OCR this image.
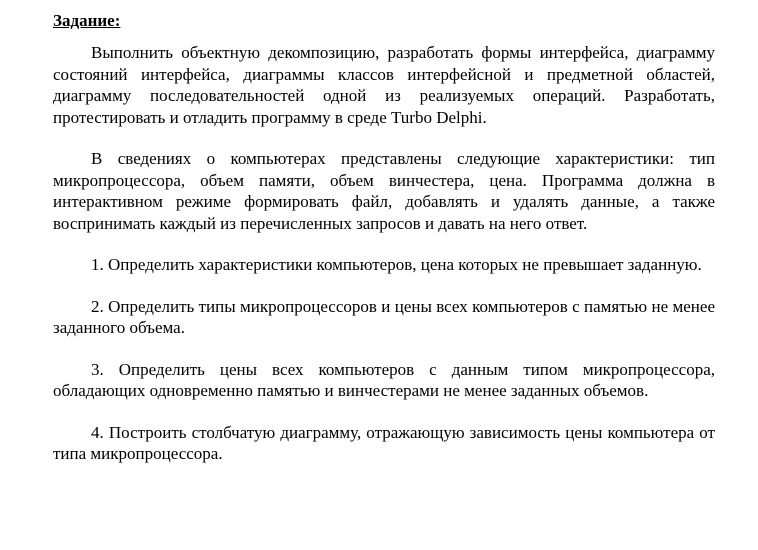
Задание:

Выполнить объектную декомпозицию, разработать формы интерфейса, диаграмму состояний интерфейса, диаграммы классов интерфейсной и предметной областей, диаграмму последовательностей одной из реализуемых операций. Разработать, протестировать и отладить программу в среде Turbo Delphi.

В сведениях о компьютерах представлены следующие характеристики: тип микропроцессора, объем памяти, объем винчестера, цена. Программа должна в интерактивном режиме формировать файл, добавлять и удалять данные, а также воспринимать каждый из перечисленных запросов и давать на него ответ.

1. Определить характеристики компьютеров, цена которых не превышает заданную.

2. Определить типы микропроцессоров и цены всех компьютеров с памятью не менее заданного объема.

3. Определить цены всех компьютеров с данным типом микропроцессора, обладающих одновременно памятью и винчестерами не менее заданных объемов.

4. Построить столбчатую диаграмму, отражающую зависимость цены компьютера от типа микропроцессора.
